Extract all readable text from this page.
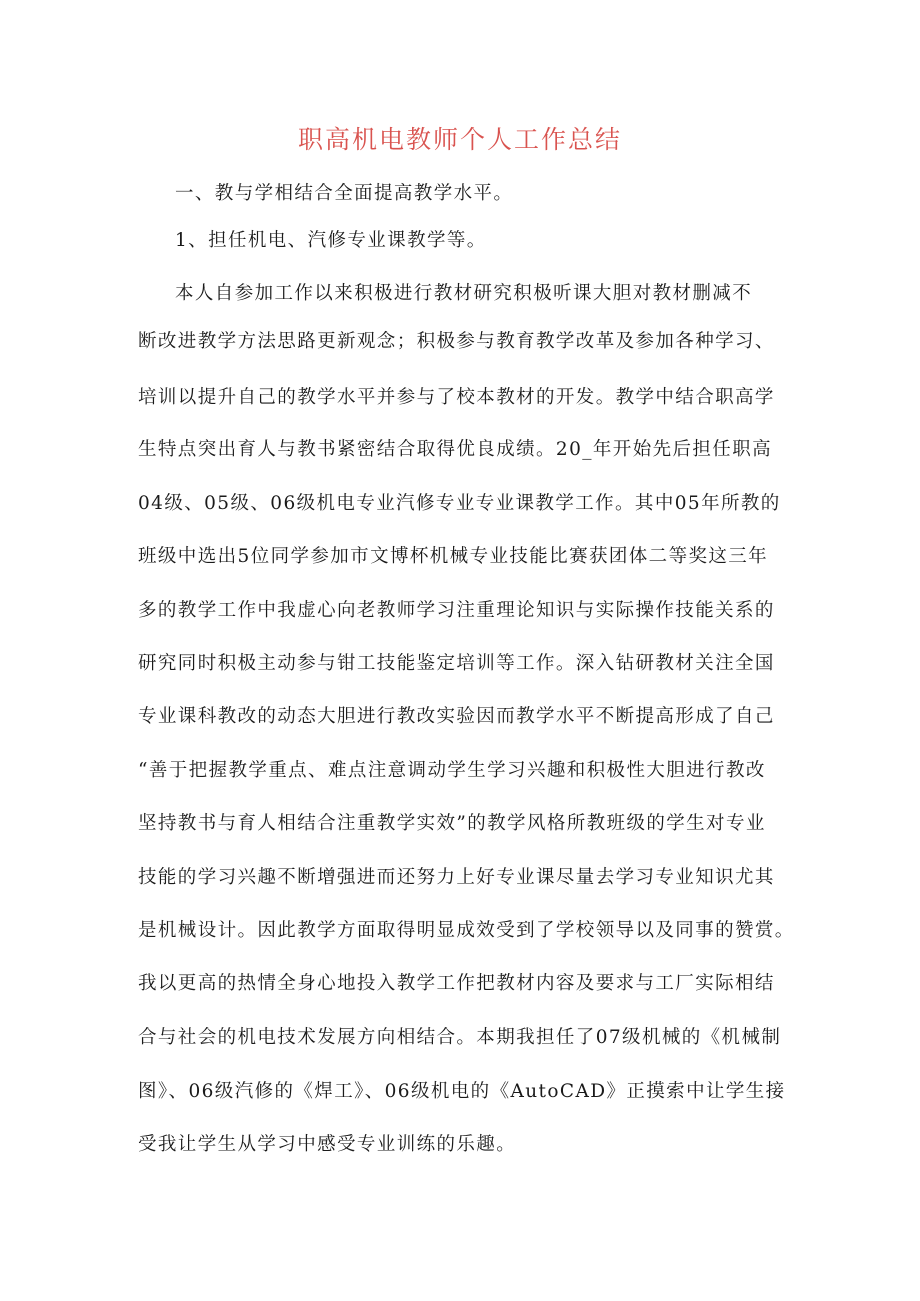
职高机电教师个人工作总结
一、教与学相结合全面提高教学水平。
1、担任机电、汽修专业课教学等。
本人自参加工作以来积极进行教材研究积极听课大胆对教材删减不
断改进教学方法思路更新观念；积极参与教育教学改革及参加各种学习、
培训以提升自己的教学水平并参与了校本教材的开发。教学中结合职高学
生特点突出育人与教书紧密结合取得优良成绩。20_年开始先后担任职高
04级、05级、06级机电专业汽修专业专业课教学工作。其中05年所教的
班级中选出5位同学参加市文博杯机械专业技能比赛获团体二等奖这三年
多的教学工作中我虚心向老教师学习注重理论知识与实际操作技能关系的
研究同时积极主动参与钳工技能鉴定培训等工作。深入钻研教材关注全国
专业课科教改的动态大胆进行教改实验因而教学水平不断提高形成了自己
“善于把握教学重点、难点注意调动学生学习兴趣和积极性大胆进行教改
坚持教书与育人相结合注重教学实效”的教学风格所教班级的学生对专业
技能的学习兴趣不断增强进而还努力上好专业课尽量去学习专业知识尤其
是机械设计。因此教学方面取得明显成效受到了学校领导以及同事的赞赏。
我以更高的热情全身心地投入教学工作把教材内容及要求与工厂实际相结
合与社会的机电技术发展方向相结合。本期我担任了07级机械的《机械制
图》、06级汽修的《焊工》、06级机电的《AutoCAD》正摸索中让学生接
受我让学生从学习中感受专业训练的乐趣。
